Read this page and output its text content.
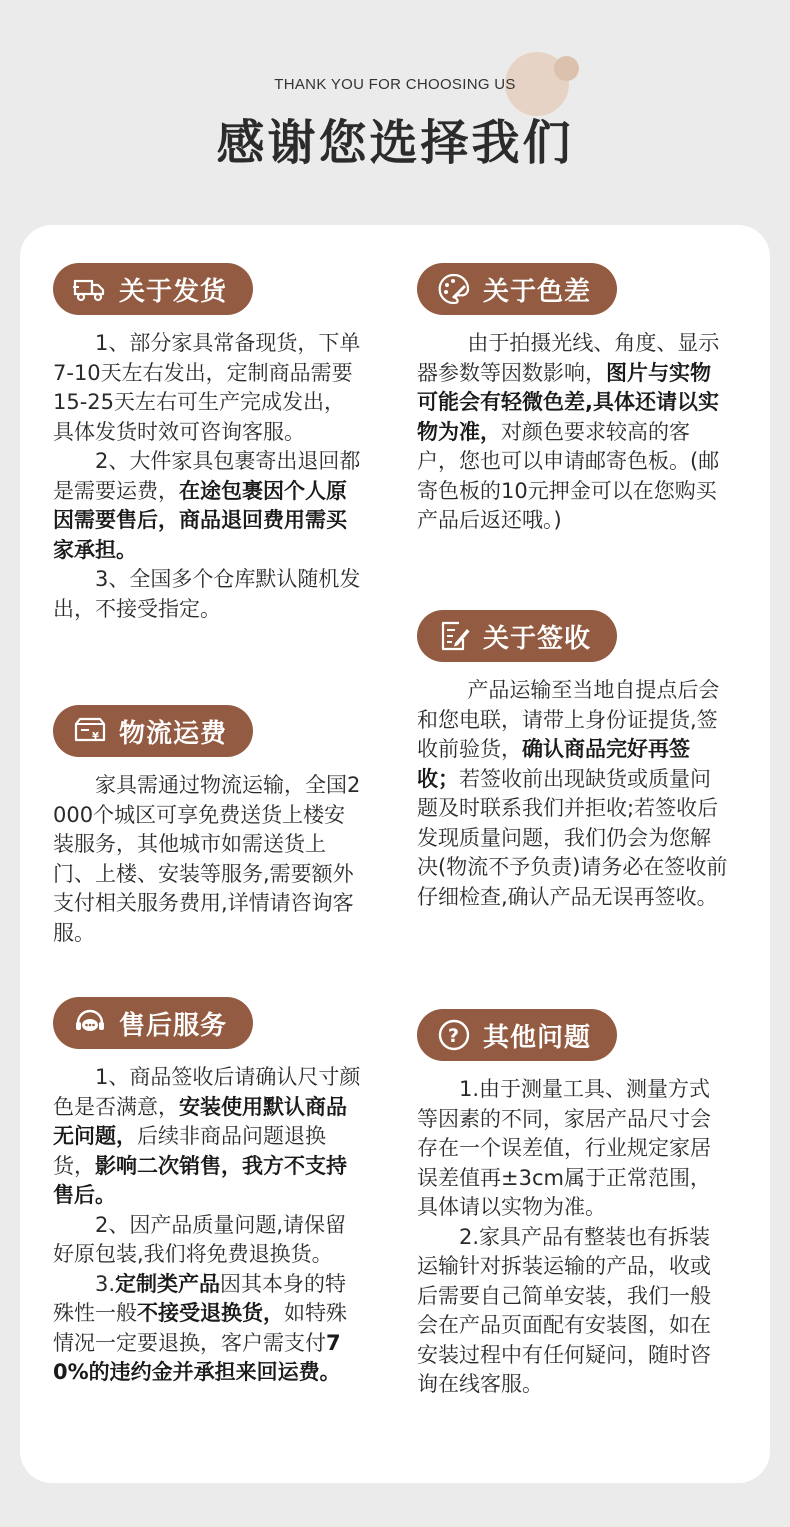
THANK YOU FOR CHOOSING US
感谢您选择我们
关于发货

1、部分家具常备现货，下单7-10天左右发出，定制商品需要15-25天左右可生产完成发出，具体发货时效可咨询客服。

2、大件家具包裹寄出退回都是需要运费，在途包裹因个人原因需要售后，商品退回费用需买家承担。

3、全国多个仓库默认随机发出，不接受指定。

¥ 物流运费

家具需通过物流运输，全国2000个城区可享免费送货上楼安装服务，其他城市如需送货上门、上楼、安装等服务,需要额外支付相关服务费用,详情请咨询客服。

售后服务

1、商品签收后请确认尺寸颜色是否满意，安装使用默认商品无问题，后续非商品问题退换货，影响二次销售，我方不支持售后。

2、因产品质量问题,请保留好原包装,我们将免费退换货。

3.定制类产品因其本身的特殊性一般不接受退换货，如特殊情况一定要退换，客户需支付70%的违约金并承担来回运费。

关于色差

由于拍摄光线、角度、显示器参数等因数影响，图片与实物可能会有轻微色差,具体还请以实物为准，对颜色要求较高的客户，您也可以申请邮寄色板。(邮寄色板的10元押金可以在您购买产品后返还哦。)

关于签收

产品运输至当地自提点后会和您电联，请带上身份证提货,签收前验货，确认商品完好再签收；若签收前出现缺货或质量问题及时联系我们并拒收;若签收后发现质量问题，我们仍会为您解决(物流不予负责)请务必在签收前仔细检查,确认产品无误再签收。

? 其他问题

1.由于测量工具、测量方式等因素的不同，家居产品尺寸会存在一个误差值，行业规定家居误差值再±3cm属于正常范围，具体请以实物为准。

2.家具产品有整装也有拆装运输针对拆装运输的产品，收或后需要自己简单安装，我们一般会在产品页面配有安装图，如在安装过程中有任何疑问，随时咨询在线客服。
